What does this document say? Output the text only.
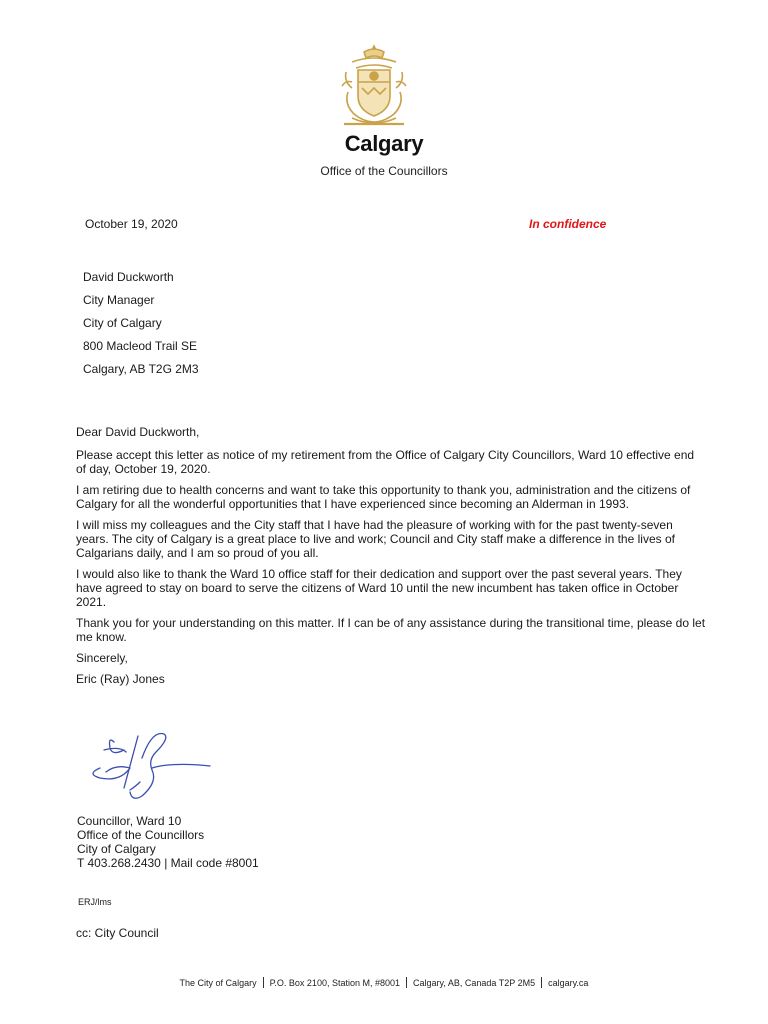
Calgary
Office of the Councillors
October 19, 2020	In confidence
David Duckworth
City Manager
City of Calgary
800 Macleod Trail SE
Calgary, AB T2G 2M3

Dear David Duckworth,

Please accept this letter as notice of my retirement from the Office of Calgary City Councillors, Ward 10 effective end of day, October 19, 2020.

I am retiring due to health concerns and want to take this opportunity to thank you, administration and the citizens of Calgary for all the wonderful opportunities that I have experienced since becoming an Alderman in 1993.

I will miss my colleagues and the City staff that I have had the pleasure of working with for the past twenty-seven years. The city of Calgary is a great place to live and work; Council and City staff make a difference in the lives of Calgarians daily, and I am so proud of you all.

I would also like to thank the Ward 10 office staff for their dedication and support over the past several years. They have agreed to stay on board to serve the citizens of Ward 10 until the new incumbent has taken office in October 2021.

Thank you for your understanding on this matter. If I can be of any assistance during the transitional time, please do let me know.

Sincerely,

Eric (Ray) Jones

Councillor, Ward 10
Office of the Councillors
City of Calgary
T 403.268.2430 | Mail code #8001
ERJ/lms
cc: City Council
The City of Calgary P.O. Box 2100, Station M, #8001 Calgary, AB, Canada T2P 2M5 calgary.ca
